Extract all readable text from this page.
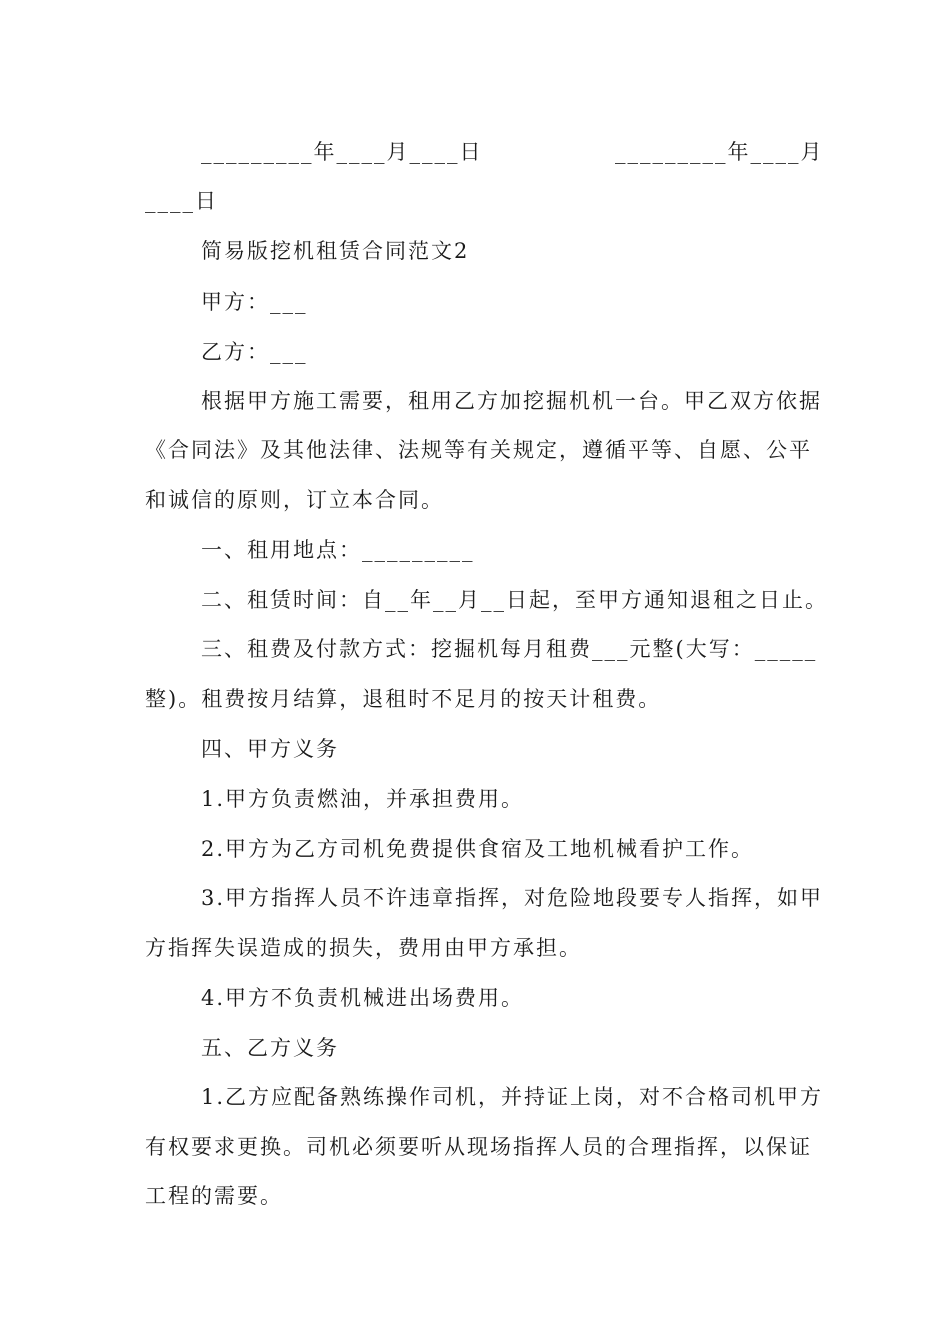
_________年____月____日	_________年____月
____日
简易版挖机租赁合同范文2
甲方：___
乙方：___
根据甲方施工需要，租用乙方加挖掘机机一台。甲乙双方依据
《合同法》及其他法律、法规等有关规定，遵循平等、自愿、公平
和诚信的原则，订立本合同。
一、租用地点：_________
二、租赁时间：自__年__月__日起，至甲方通知退租之日止。
三、租费及付款方式：挖掘机每月租费___元整(大写：_____
整)。租费按月结算，退租时不足月的按天计租费。
四、甲方义务
1.甲方负责燃油，并承担费用。
2.甲方为乙方司机免费提供食宿及工地机械看护工作。
3.甲方指挥人员不许违章指挥，对危险地段要专人指挥，如甲
方指挥失误造成的损失，费用由甲方承担。
4.甲方不负责机械进出场费用。
五、乙方义务
1.乙方应配备熟练操作司机，并持证上岗，对不合格司机甲方
有权要求更换。司机必须要听从现场指挥人员的合理指挥，以保证
工程的需要。
